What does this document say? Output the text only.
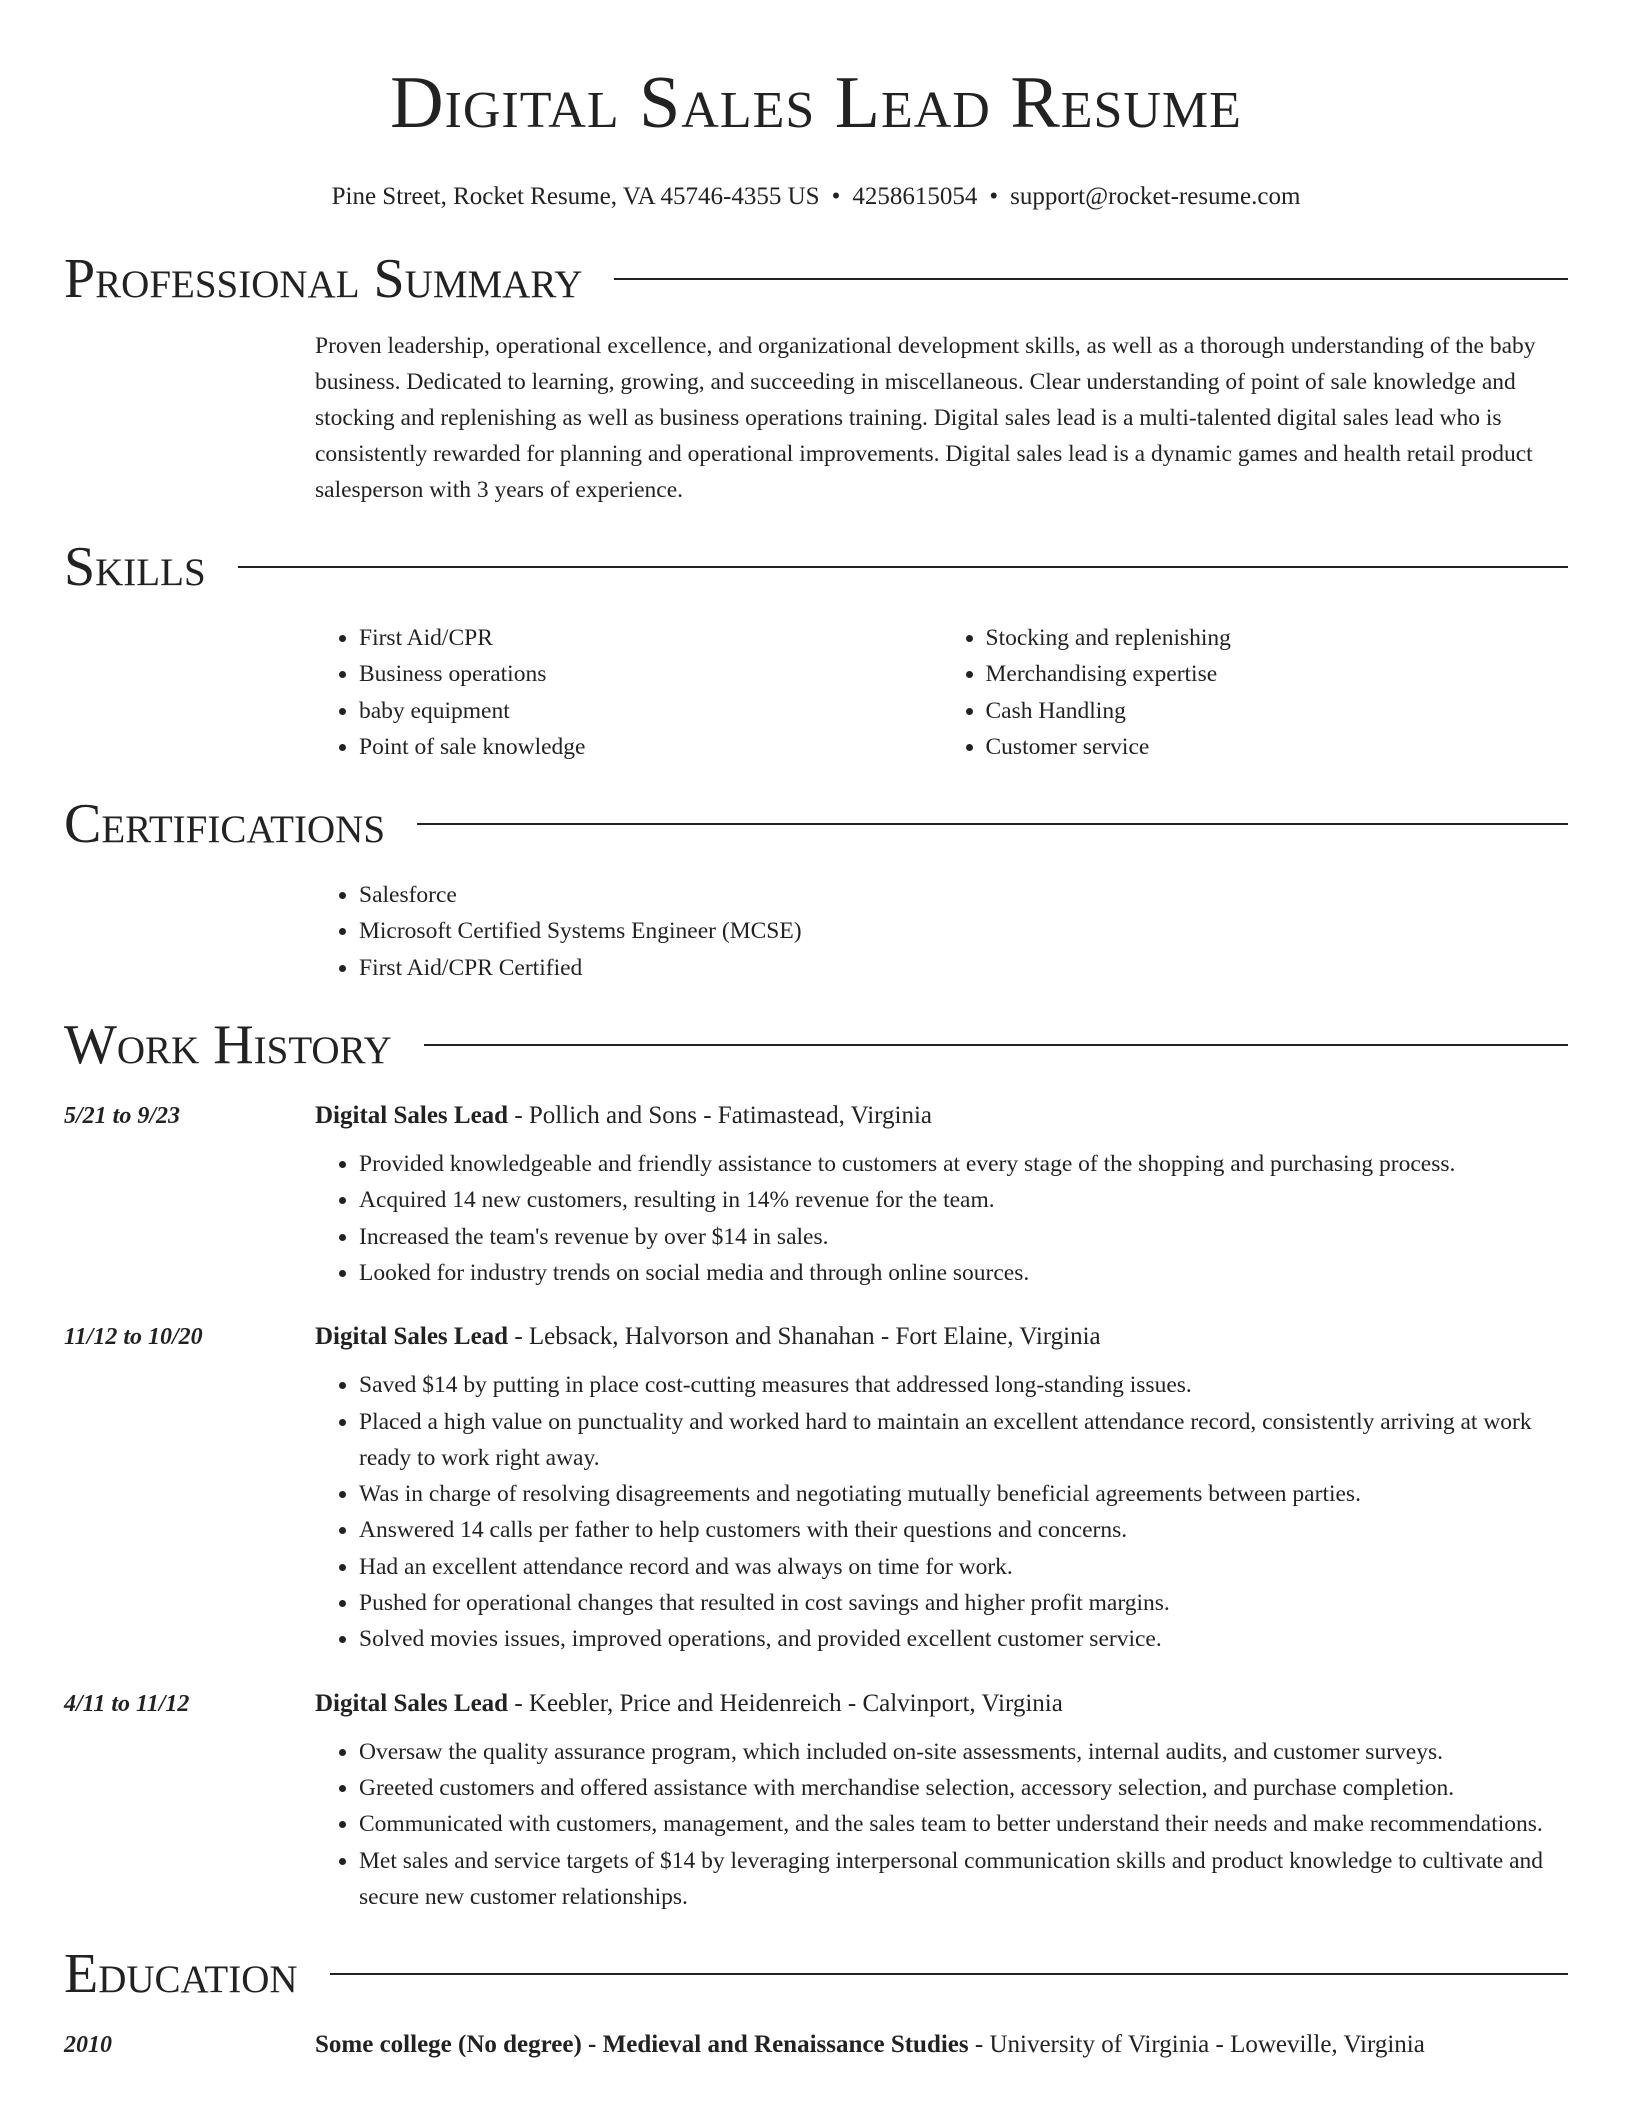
Digital Sales Lead Resume
Pine Street, Rocket Resume, VA 45746-4355 US • 4258615054 • support@rocket-resume.com
Professional Summary
Proven leadership, operational excellence, and organizational development skills, as well as a thorough understanding of the baby business. Dedicated to learning, growing, and succeeding in miscellaneous. Clear understanding of point of sale knowledge and stocking and replenishing as well as business operations training. Digital sales lead is a multi-talented digital sales lead who is consistently rewarded for planning and operational improvements. Digital sales lead is a dynamic games and health retail product salesperson with 3 years of experience.
Skills
• First Aid/CPR
• Business operations
• baby equipment
• Point of sale knowledge
• Stocking and replenishing
• Merchandising expertise
• Cash Handling
• Customer service
Certifications
• Salesforce
• Microsoft Certified Systems Engineer (MCSE)
• First Aid/CPR Certified
Work History
5/21 to 9/23	Digital Sales Lead - Pollich and Sons - Fatimastead, Virginia
• Provided knowledgeable and friendly assistance to customers at every stage of the shopping and purchasing process.
• Acquired 14 new customers, resulting in 14% revenue for the team.
• Increased the team's revenue by over $14 in sales.
• Looked for industry trends on social media and through online sources.
11/12 to 10/20	Digital Sales Lead - Lebsack, Halvorson and Shanahan - Fort Elaine, Virginia
• Saved $14 by putting in place cost-cutting measures that addressed long-standing issues.
• Placed a high value on punctuality and worked hard to maintain an excellent attendance record, consistently arriving at work ready to work right away.
• Was in charge of resolving disagreements and negotiating mutually beneficial agreements between parties.
• Answered 14 calls per father to help customers with their questions and concerns.
• Had an excellent attendance record and was always on time for work.
• Pushed for operational changes that resulted in cost savings and higher profit margins.
• Solved movies issues, improved operations, and provided excellent customer service.
4/11 to 11/12	Digital Sales Lead - Keebler, Price and Heidenreich - Calvinport, Virginia
• Oversaw the quality assurance program, which included on-site assessments, internal audits, and customer surveys.
• Greeted customers and offered assistance with merchandise selection, accessory selection, and purchase completion.
• Communicated with customers, management, and the sales team to better understand their needs and make recommendations.
• Met sales and service targets of $14 by leveraging interpersonal communication skills and product knowledge to cultivate and secure new customer relationships.
Education
2010	Some college (No degree) - Medieval and Renaissance Studies - University of Virginia - Loweville, Virginia
